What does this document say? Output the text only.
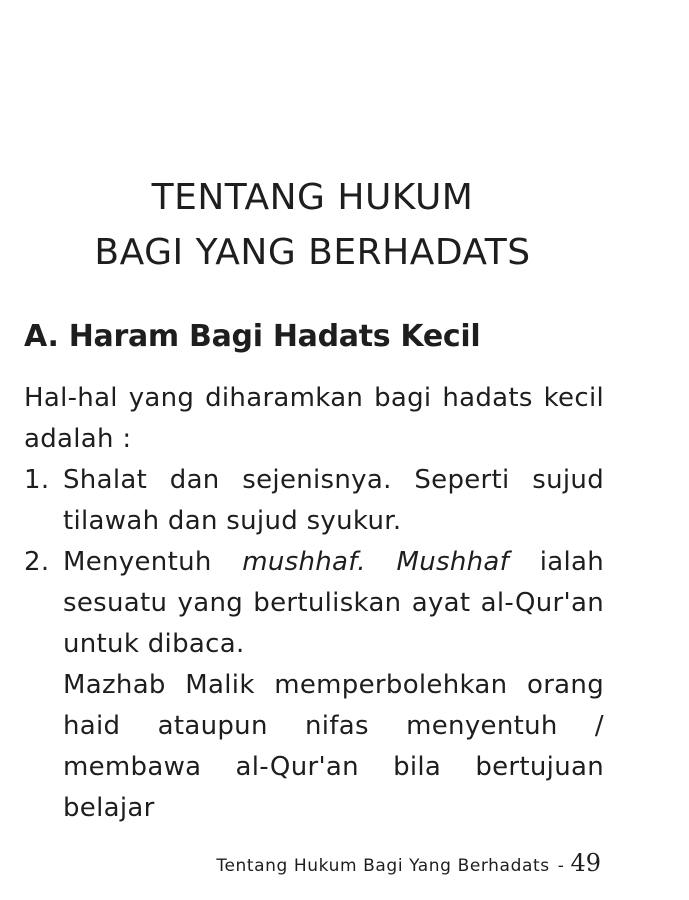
TENTANG HUKUM
BAGI YANG BERHADATS
A. Haram Bagi Hadats Kecil

Hal-hal yang diharamkan bagi hadats kecil adalah :

1. Shalat dan sejenisnya. Seperti sujud tilawah dan sujud syukur.

2. Menyentuh mushhaf. Mushhaf ialah sesuatu yang bertuliskan ayat al-Qur'an untuk dibaca.

Mazhab Malik memperbolehkan orang haid ataupun nifas menyentuh / membawa al-Qur'an bila bertujuan belajar

Tentang Hukum Bagi Yang Berhadats - 49
